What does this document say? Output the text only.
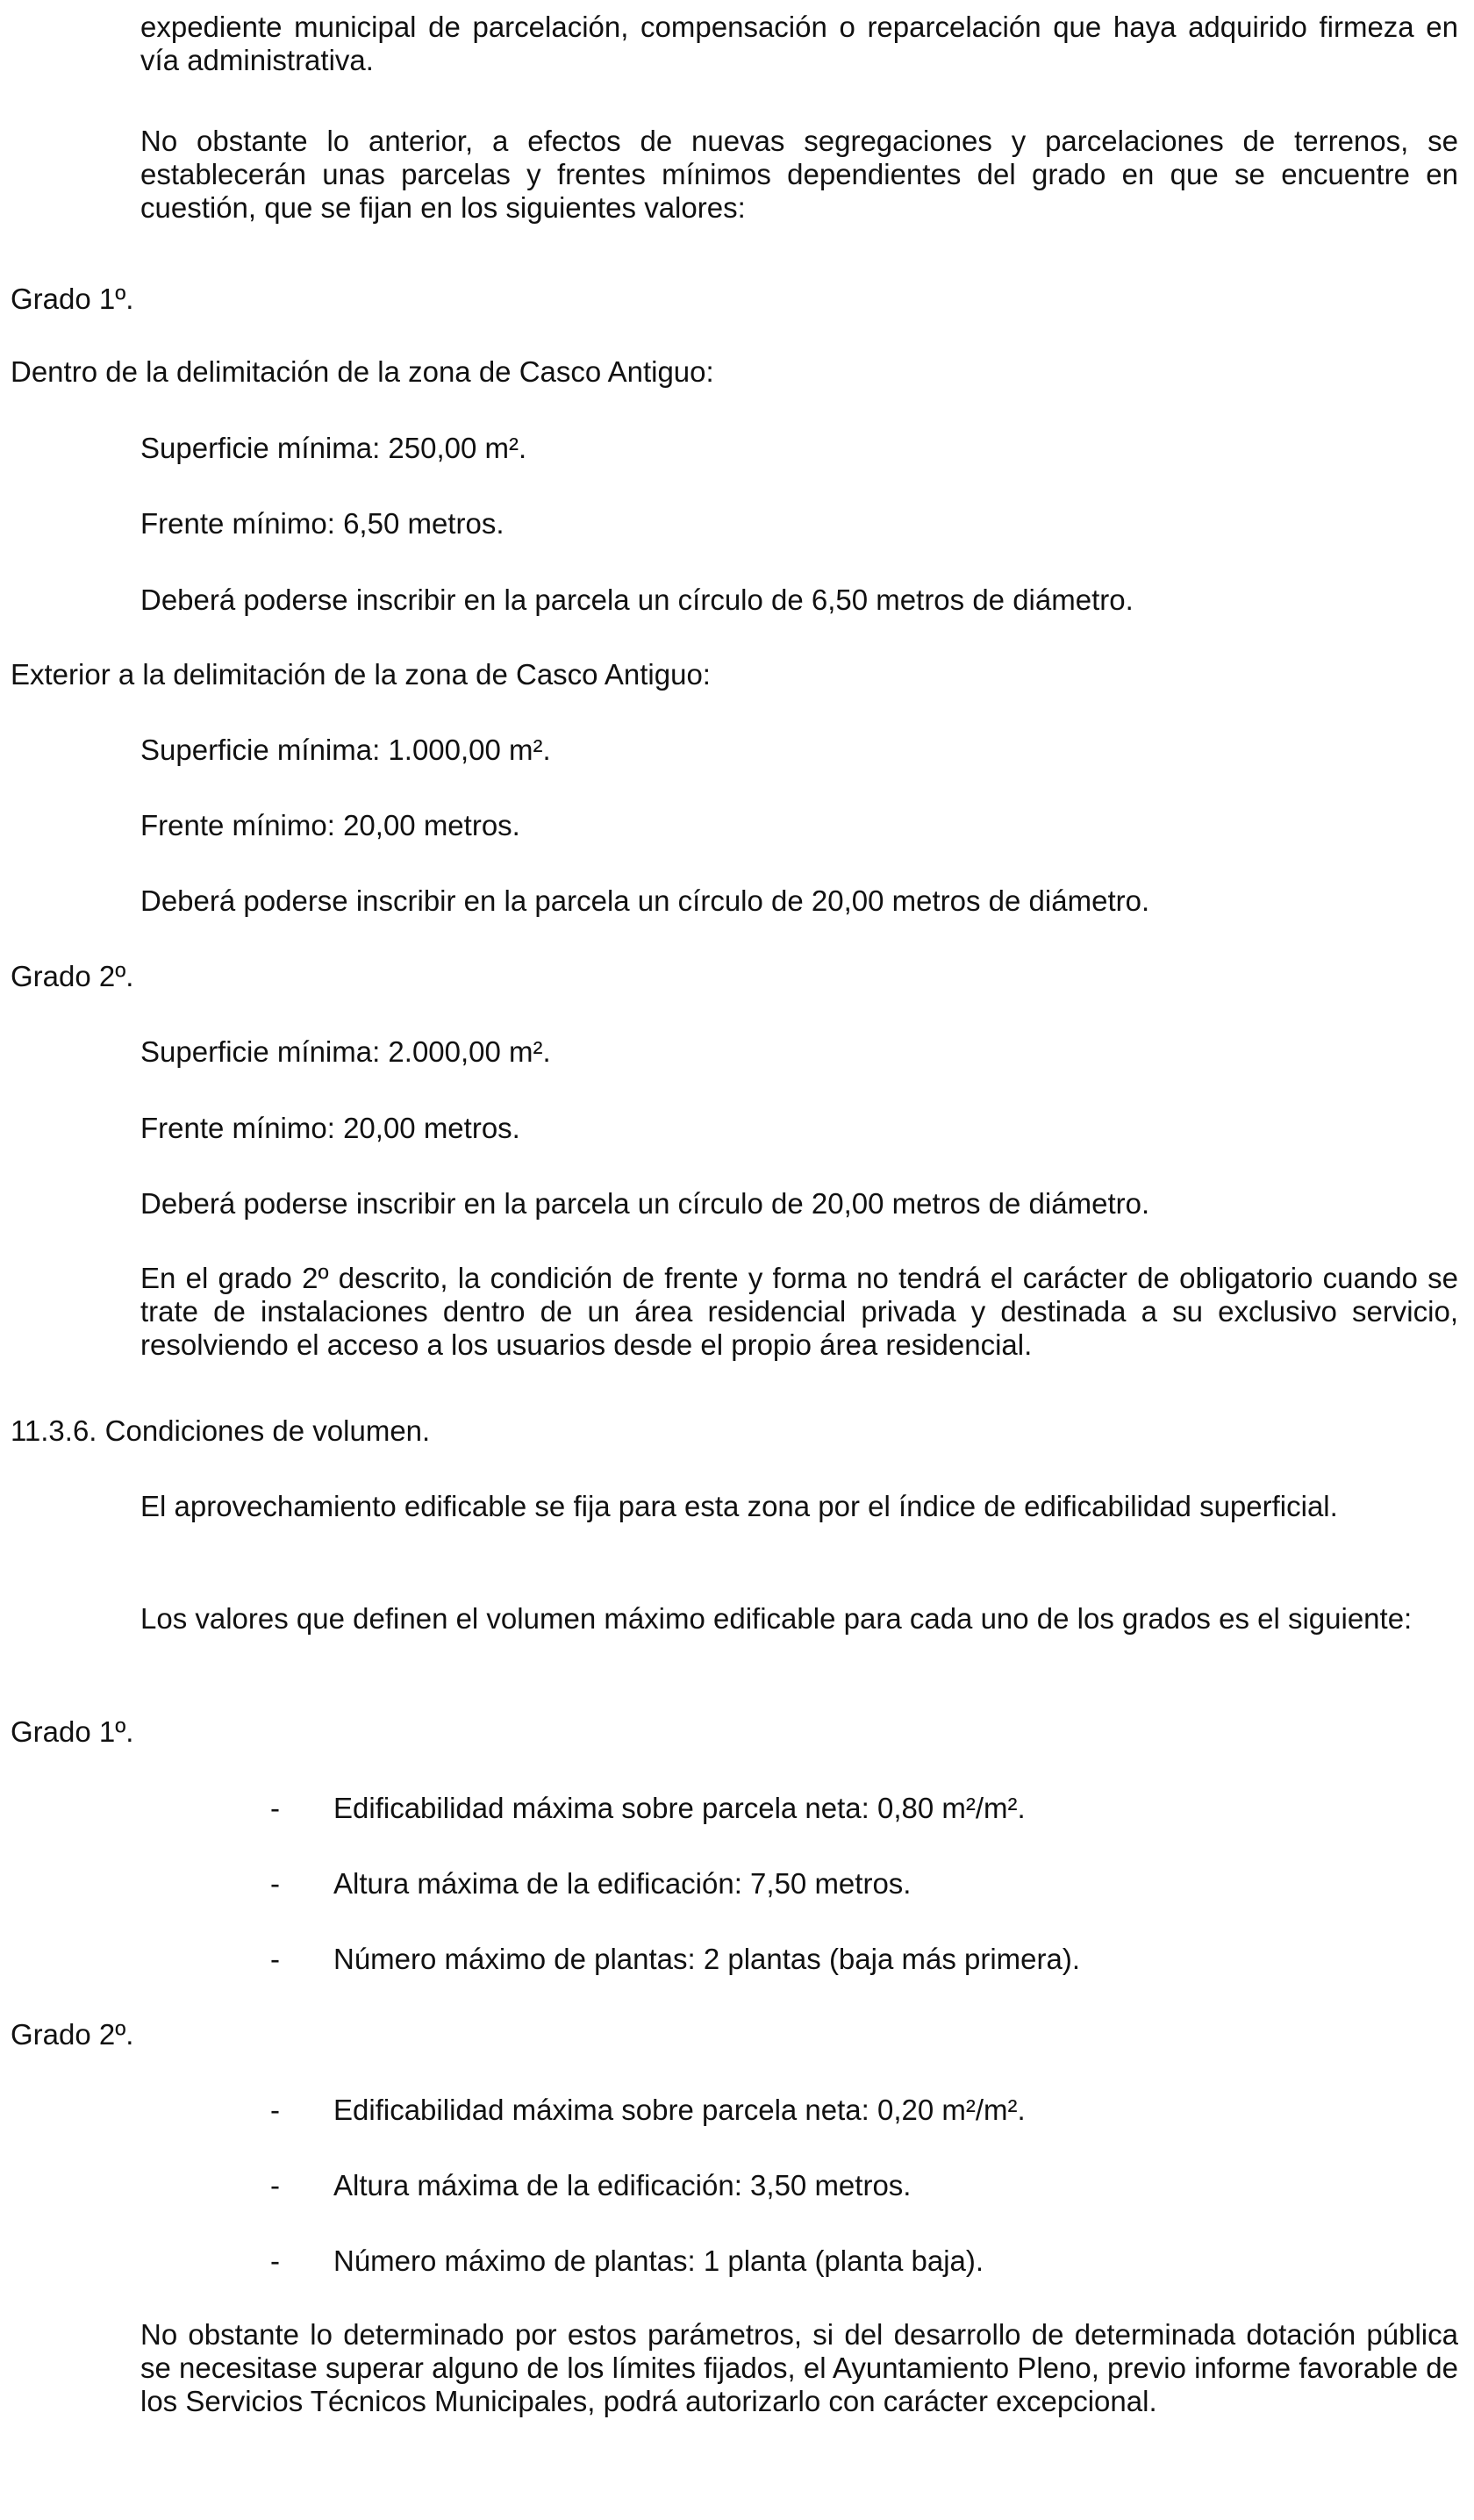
expediente municipal de parcelación, compensación o reparcelación que haya adquirido firmeza en vía administrativa.

No obstante lo anterior, a efectos de nuevas segregaciones y parcelaciones de terrenos, se establecerán unas parcelas y frentes mínimos dependientes del grado en que se encuentre en cuestión, que se fijan en los siguientes valores:

Grado 1º.

Dentro de la delimitación de la zona de Casco Antiguo:

Superficie mínima: 250,00 m².

Frente mínimo: 6,50 metros.

Deberá poderse inscribir en la parcela un círculo de 6,50 metros de diámetro.

Exterior a la delimitación de la zona de Casco Antiguo:

Superficie mínima: 1.000,00 m².

Frente mínimo: 20,00 metros.

Deberá poderse inscribir en la parcela un círculo de 20,00 metros de diámetro.

Grado 2º.

Superficie mínima: 2.000,00 m².

Frente mínimo: 20,00 metros.

Deberá poderse inscribir en la parcela un círculo de 20,00 metros de diámetro.

En el grado 2º descrito, la condición de frente y forma no tendrá el carácter de obligatorio cuando se trate de instalaciones dentro de un área residencial privada y destinada a su exclusivo servicio, resolviendo el acceso a los usuarios desde el propio área residencial.

11.3.6. Condiciones de volumen.

El aprovechamiento edificable se fija para esta zona por el índice de edificabilidad superficial.

Los valores que definen el volumen máximo edificable para cada uno de los grados es el siguiente:

Grado 1º.

- Edificabilidad máxima sobre parcela neta: 0,80 m²/m².

- Altura máxima de la edificación: 7,50 metros.

- Número máximo de plantas: 2 plantas (baja más primera).

Grado 2º.

- Edificabilidad máxima sobre parcela neta: 0,20 m²/m².

- Altura máxima de la edificación: 3,50 metros.

- Número máximo de plantas: 1 planta (planta baja).

No obstante lo determinado por estos parámetros, si del desarrollo de determinada dotación pública se necesitase superar alguno de los límites fijados, el Ayuntamiento Pleno, previo informe favorable de los Servicios Técnicos Municipales, podrá autorizarlo con carácter excepcional.
